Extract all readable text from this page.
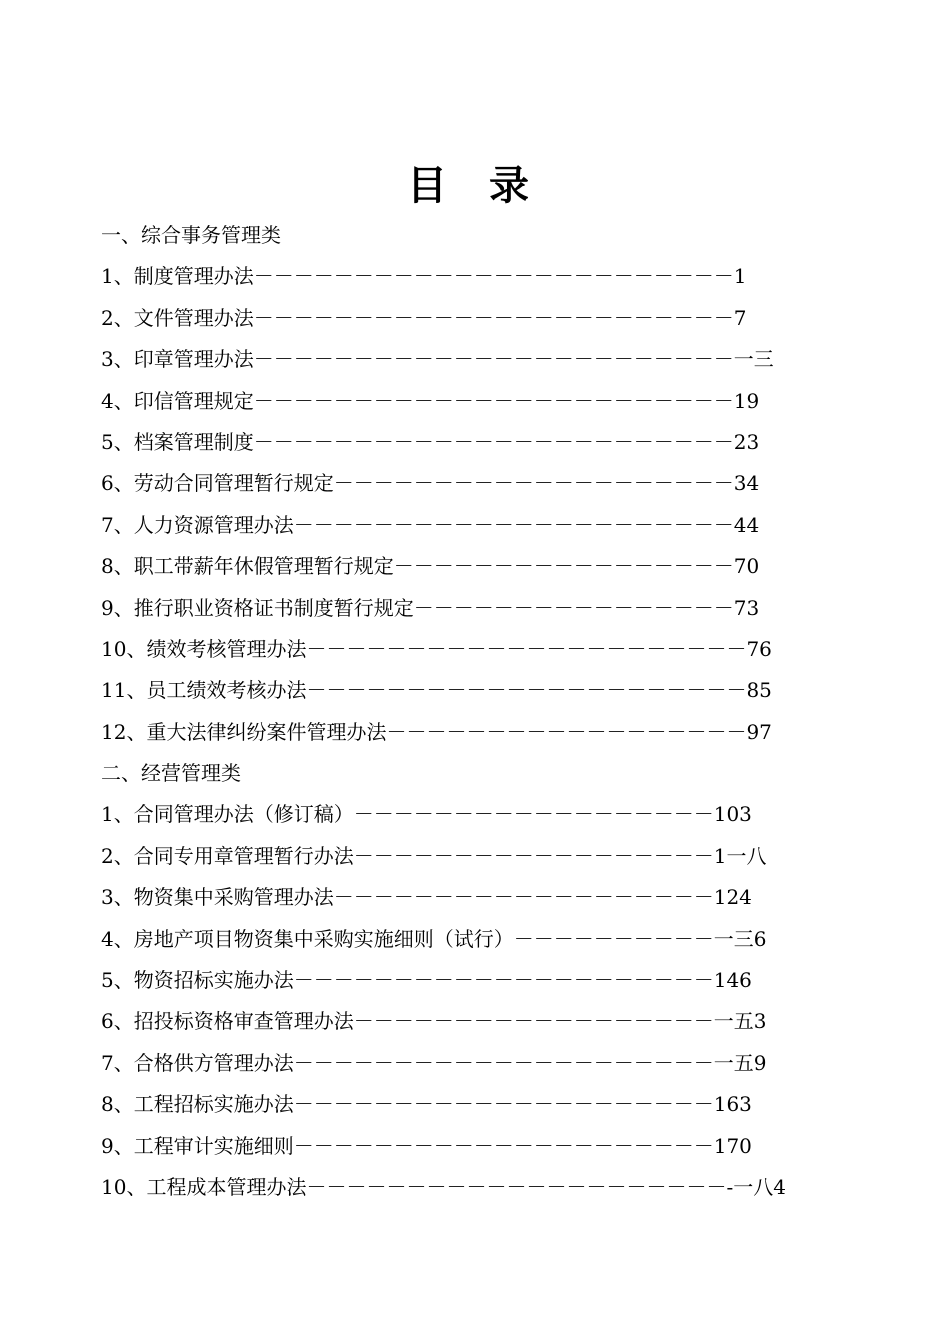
目 录
一、综合事务管理类
1、制度管理办法－－－－－－－－－－－－－－－－－－－－－－－－1
2、文件管理办法－－－－－－－－－－－－－－－－－－－－－－－－7
3、印章管理办法－－－－－－－－－－－－－－－－－－－－－－－－一三
4、印信管理规定－－－－－－－－－－－－－－－－－－－－－－－－19
5、档案管理制度－－－－－－－－－－－－－－－－－－－－－－－－23
6、劳动合同管理暂行规定－－－－－－－－－－－－－－－－－－－－34
7、人力资源管理办法－－－－－－－－－－－－－－－－－－－－－－44
8、职工带薪年休假管理暂行规定－－－－－－－－－－－－－－－－－70
9、推行职业资格证书制度暂行规定－－－－－－－－－－－－－－－－73
10、绩效考核管理办法－－－－－－－－－－－－－－－－－－－－－－76
11、员工绩效考核办法－－－－－－－－－－－－－－－－－－－－－－85
12、重大法律纠纷案件管理办法－－－－－－－－－－－－－－－－－－97
二、经营管理类
1、合同管理办法（修订稿）－－－－－－－－－－－－－－－－－－103
2、合同专用章管理暂行办法－－－－－－－－－－－－－－－－－－1一八
3、物资集中采购管理办法－－－－－－－－－－－－－－－－－－－124
4、房地产项目物资集中采购实施细则（试行）－－－－－－－－－－一三6
5、物资招标实施办法－－－－－－－－－－－－－－－－－－－－－146
6、招投标资格审查管理办法－－－－－－－－－－－－－－－－－－一五3
7、合格供方管理办法－－－－－－－－－－－－－－－－－－－－－一五9
8、工程招标实施办法－－－－－－－－－－－－－－－－－－－－－163
9、工程审计实施细则－－－－－－－－－－－－－－－－－－－－－170
10、工程成本管理办法－－－－－－－－－－－－－－－－－－－－－-一八4
